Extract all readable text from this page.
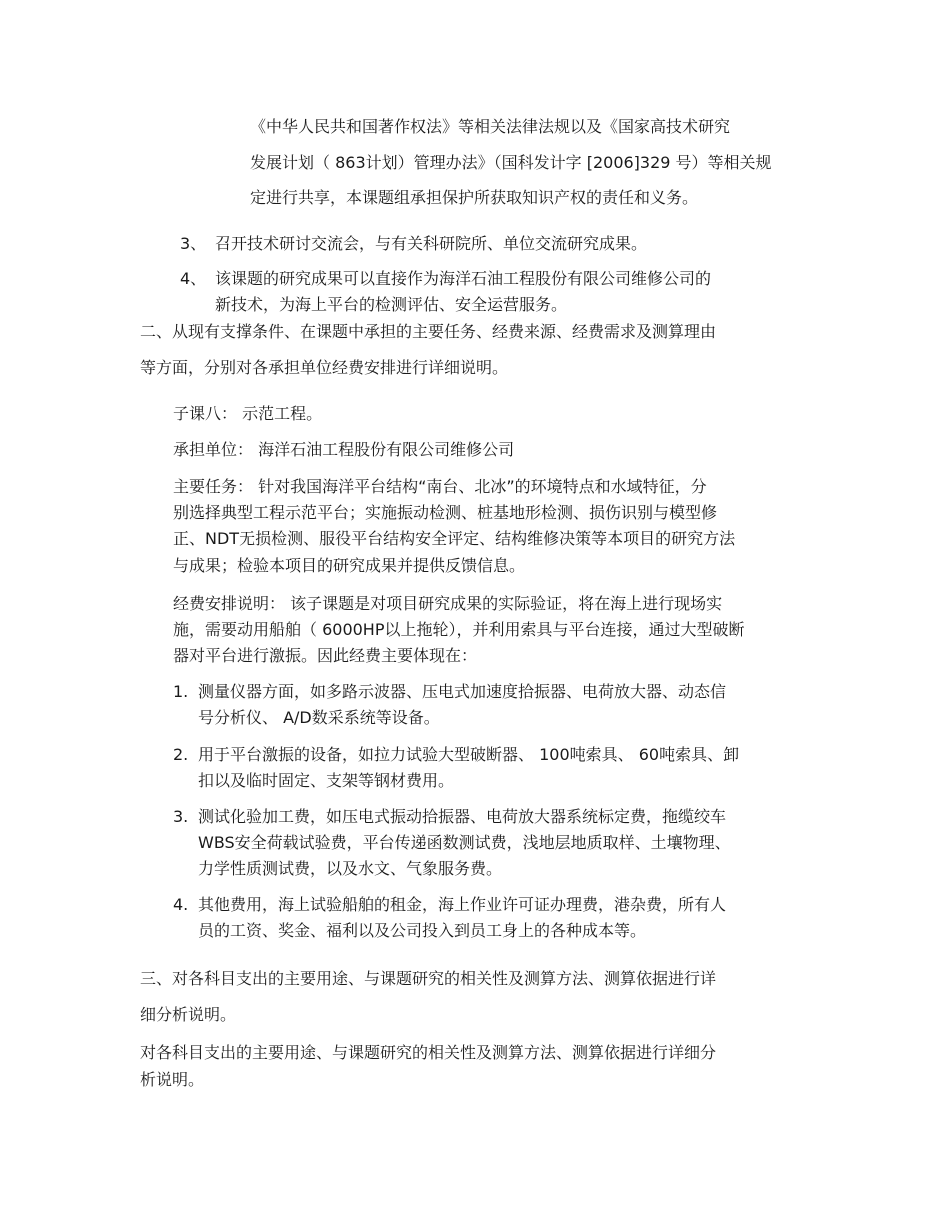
《中华人民共和国著作权法》等相关法律法规以及《国家高技术研究
发展计划（ 863计划）管理办法》（国科发计字 [2006]329 号）等相关规
定进行共享，本课题组承担保护所获取知识产权的责任和义务。
3、 召开技术研讨交流会，与有关科研院所、单位交流研究成果。
4、 该课题的研究成果可以直接作为海洋石油工程股份有限公司维修公司的
新技术，为海上平台的检测评估、安全运营服务。
二、从现有支撑条件、在课题中承担的主要任务、经费来源、经费需求及测算理由
等方面，分别对各承担单位经费安排进行详细说明。
子课八： 示范工程。
承担单位： 海洋石油工程股份有限公司维修公司
主要任务： 针对我国海洋平台结构“南台、北冰”的环境特点和水域特征，分
别选择典型工程示范平台；实施振动检测、桩基地形检测、损伤识别与模型修
正、NDT无损检测、服役平台结构安全评定、结构维修决策等本项目的研究方法
与成果；检验本项目的研究成果并提供反馈信息。
经费安排说明： 该子课题是对项目研究成果的实际验证，将在海上进行现场实
施，需要动用船舶（ 6000HP以上拖轮），并利用索具与平台连接，通过大型破断
器对平台进行激振。因此经费主要体现在：
1. 测量仪器方面，如多路示波器、压电式加速度拾振器、电荷放大器、动态信
号分析仪、 A/D数采系统等设备。
2. 用于平台激振的设备，如拉力试验大型破断器、 100吨索具、 60吨索具、卸
扣以及临时固定、支架等钢材费用。
3. 测试化验加工费，如压电式振动拾振器、电荷放大器系统标定费，拖缆绞车
WBS安全荷载试验费，平台传递函数测试费，浅地层地质取样、土壤物理、
力学性质测试费，以及水文、气象服务费。
4. 其他费用，海上试验船舶的租金，海上作业许可证办理费，港杂费，所有人
员的工资、奖金、福利以及公司投入到员工身上的各种成本等。
三、对各科目支出的主要用途、与课题研究的相关性及测算方法、测算依据进行详
细分析说明。
对各科目支出的主要用途、与课题研究的相关性及测算方法、测算依据进行详细分
析说明。
